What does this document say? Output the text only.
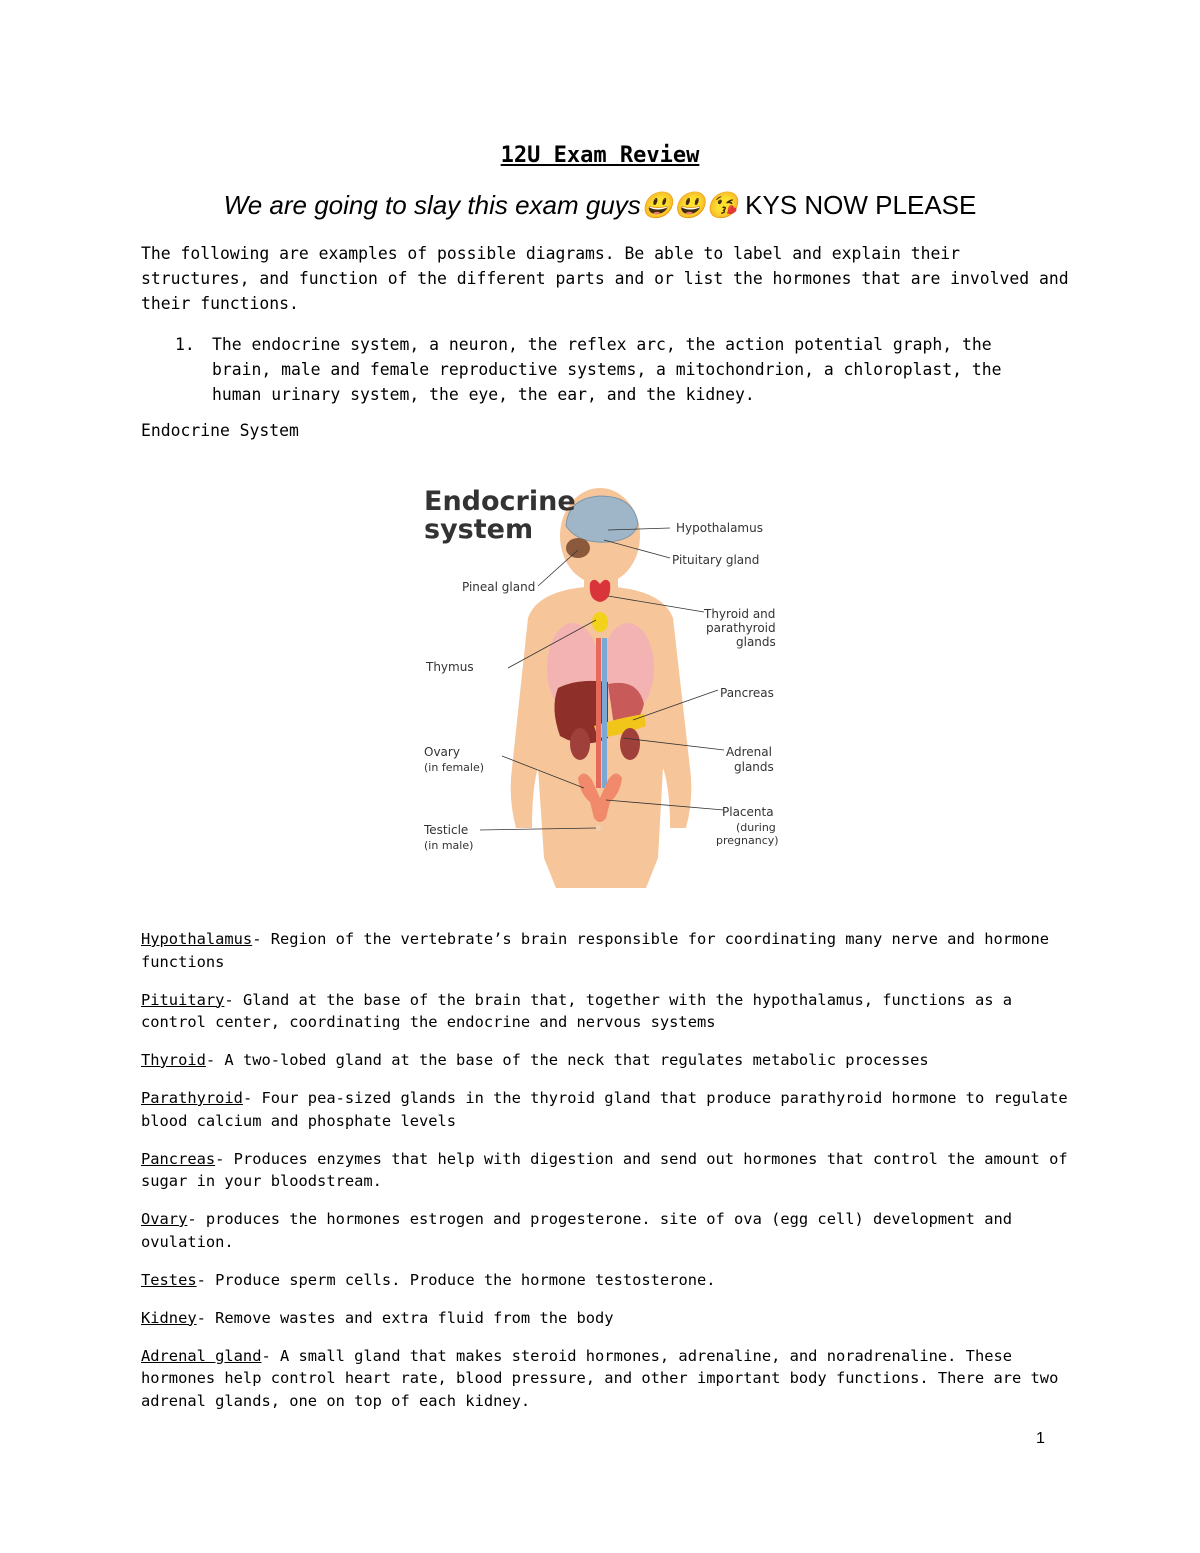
12U Exam Review
We are going to slay this exam guys😃😃😘 KYS NOW PLEASE
The following are examples of possible diagrams. Be able to label and explain their structures, and function of the different parts and or list the hormones that are involved and their functions.
1. The endocrine system, a neuron, the reflex arc, the action potential graph, the brain, male and female reproductive systems, a mitochondrion, a chloroplast, the human urinary system, the eye, the ear, and the kidney.
Endocrine System
Endocrine
system	Hypothalamus
Pituitary gland
Pineal gland
Thyroid and
parathyroid
glands
Thymus
Pancreas
Ovary
(in female)
Adrenal
glands
Placenta
(during
pregnancy)
Testicle
(in male)
Hypothalamus- Region of the vertebrate’s brain responsible for coordinating many nerve and hormone functions
Pituitary- Gland at the base of the brain that, together with the hypothalamus, functions as a control center, coordinating the endocrine and nervous systems
Thyroid- A two-lobed gland at the base of the neck that regulates metabolic processes
Parathyroid- Four pea-sized glands in the thyroid gland that produce parathyroid hormone to regulate blood calcium and phosphate levels
Pancreas- Produces enzymes that help with digestion and send out hormones that control the amount of sugar in your bloodstream.
Ovary- produces the hormones estrogen and progesterone. site of ova (egg cell) development and ovulation.
Testes- Produce sperm cells. Produce the hormone testosterone.
Kidney- Remove wastes and extra fluid from the body
Adrenal gland- A small gland that makes steroid hormones, adrenaline, and noradrenaline. These hormones help control heart rate, blood pressure, and other important body functions. There are two adrenal glands, one on top of each kidney.
1
